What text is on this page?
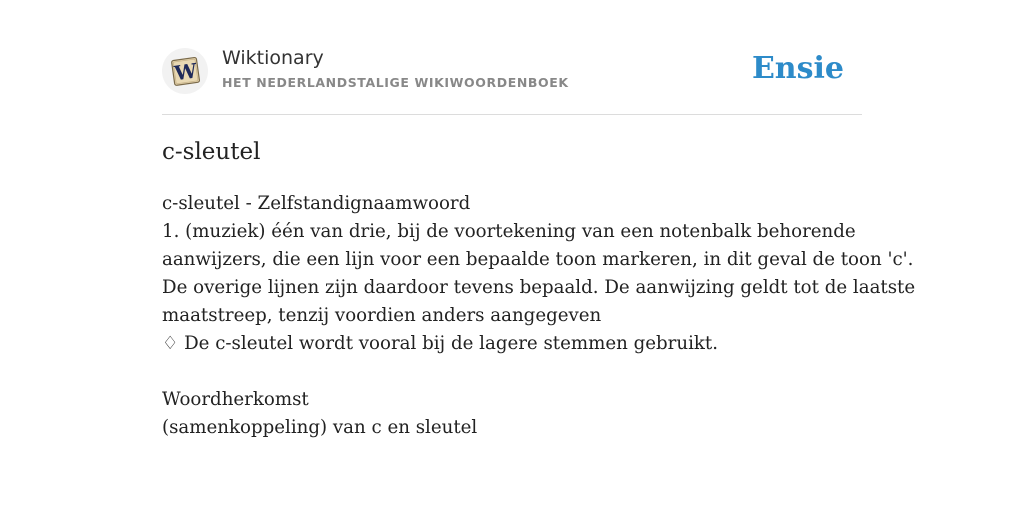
W
Wiktionary
HET NEDERLANDSTALIGE WIKIWOORDENBOEK	Ensie
c-sleutel
c-sleutel - Zelfstandignaamwoord
1. (muziek) één van drie, bij de voortekening van een notenbalk behorende
aanwijzers, die een lijn voor een bepaalde toon markeren, in dit geval de toon 'c'.
De overige lijnen zijn daardoor tevens bepaald. De aanwijzing geldt tot de laatste
maatstreep, tenzij voordien anders aangegeven
♢ De c-sleutel wordt vooral bij de lagere stemmen gebruikt.
Woordherkomst
(samenkoppeling) van c en sleutel
